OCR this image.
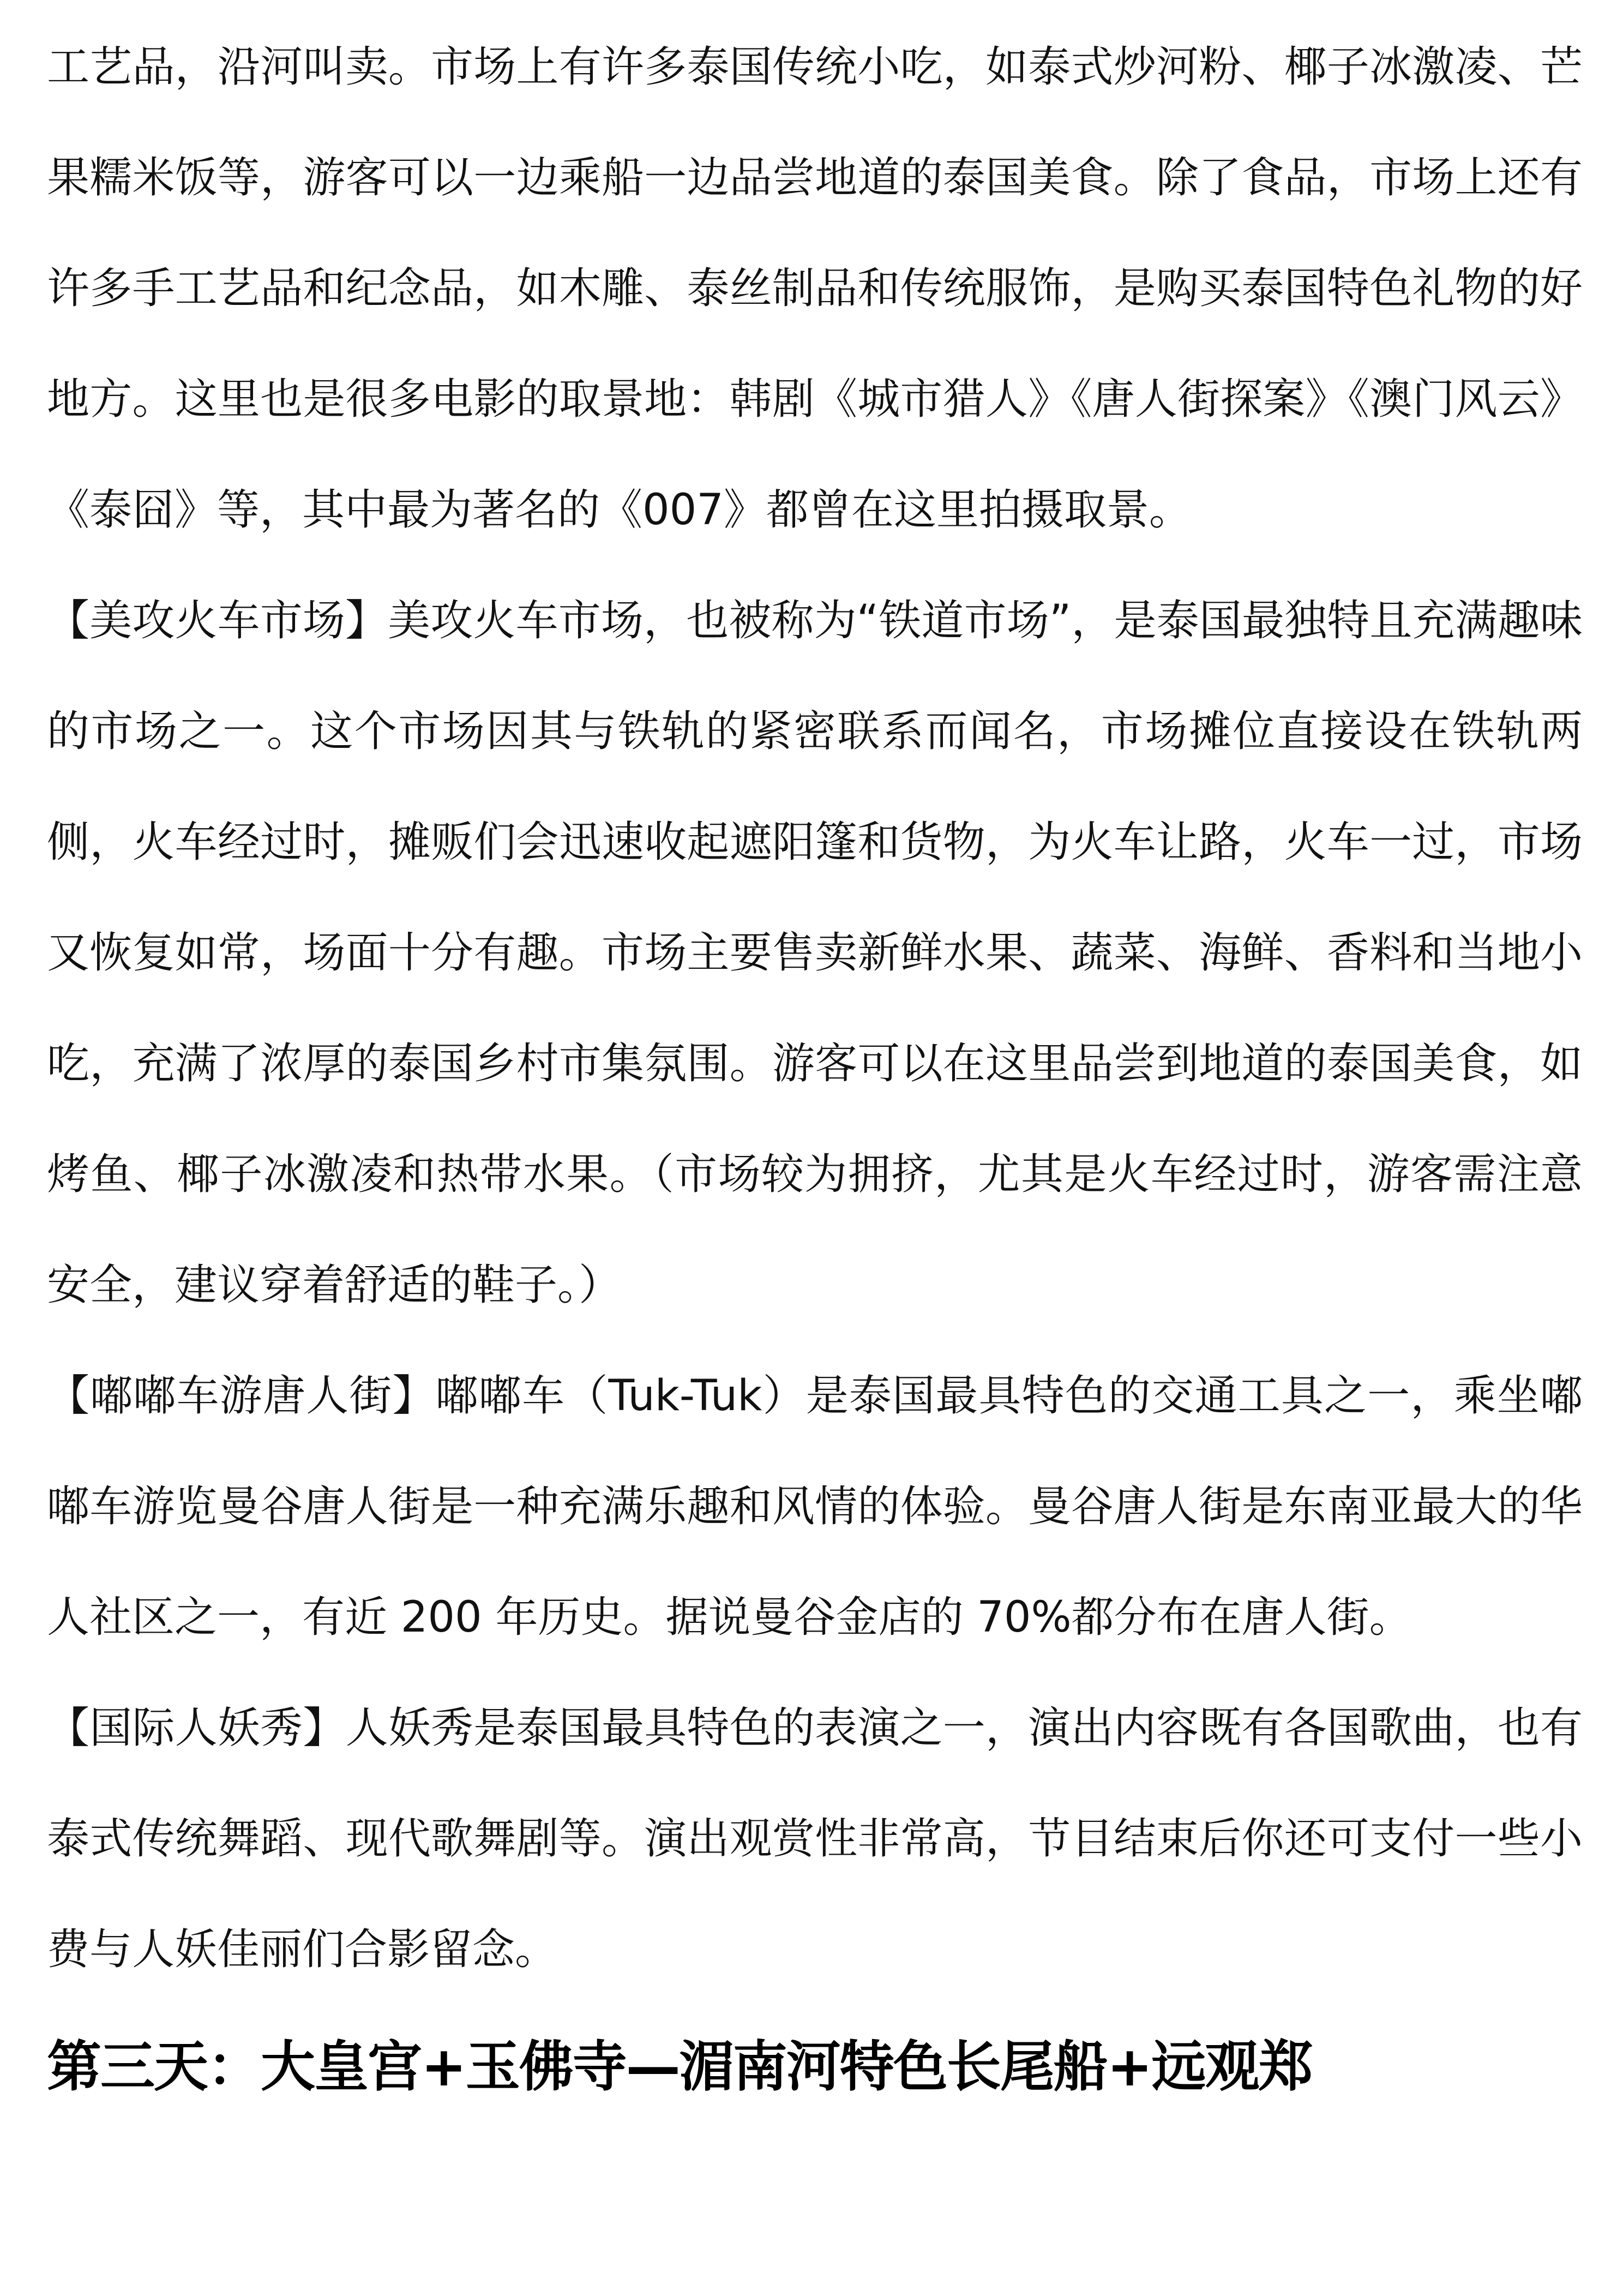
工艺品，沿河叫卖。市场上有许多泰国传统小吃，如泰式炒河粉、椰子冰激凌、芒果糯米饭等，游客可以一边乘船一边品尝地道的泰国美食。除了食品，市场上还有许多手工艺品和纪念品，如木雕、泰丝制品和传统服饰，是购买泰国特色礼物的好地方。这里也是很多电影的取景地：韩剧《城市猎人》《唐人街探案》《澳门风云》《泰囧》等，其中最为著名的《007》都曾在这里拍摄取景。

【美攻火车市场】美攻火车市场，也被称为“铁道市场”，是泰国最独特且充满趣味的市场之一。这个市场因其与铁轨的紧密联系而闻名，市场摊位直接设在铁轨两侧，火车经过时，摊贩们会迅速收起遮阳篷和货物，为火车让路，火车一过，市场又恢复如常，场面十分有趣。市场主要售卖新鲜水果、蔬菜、海鲜、香料和当地小吃，充满了浓厚的泰国乡村市集氛围。游客可以在这里品尝到地道的泰国美食，如烤鱼、椰子冰激凌和热带水果。（市场较为拥挤，尤其是火车经过时，游客需注意安全，建议穿着舒适的鞋子。）

【嘟嘟车游唐人街】嘟嘟车（Tuk-Tuk）是泰国最具特色的交通工具之一，乘坐嘟嘟车游览曼谷唐人街是一种充满乐趣和风情的体验。曼谷唐人街是东南亚最大的华人社区之一，有近 200 年历史。据说曼谷金店的 70%都分布在唐人街。

【国际人妖秀】人妖秀是泰国最具特色的表演之一，演出内容既有各国歌曲，也有泰式传统舞蹈、现代歌舞剧等。演出观赏性非常高，节目结束后你还可支付一些小费与人妖佳丽们合影留念。

第三天：大皇宫+玉佛寺—湄南河特色长尾船+远观郑
